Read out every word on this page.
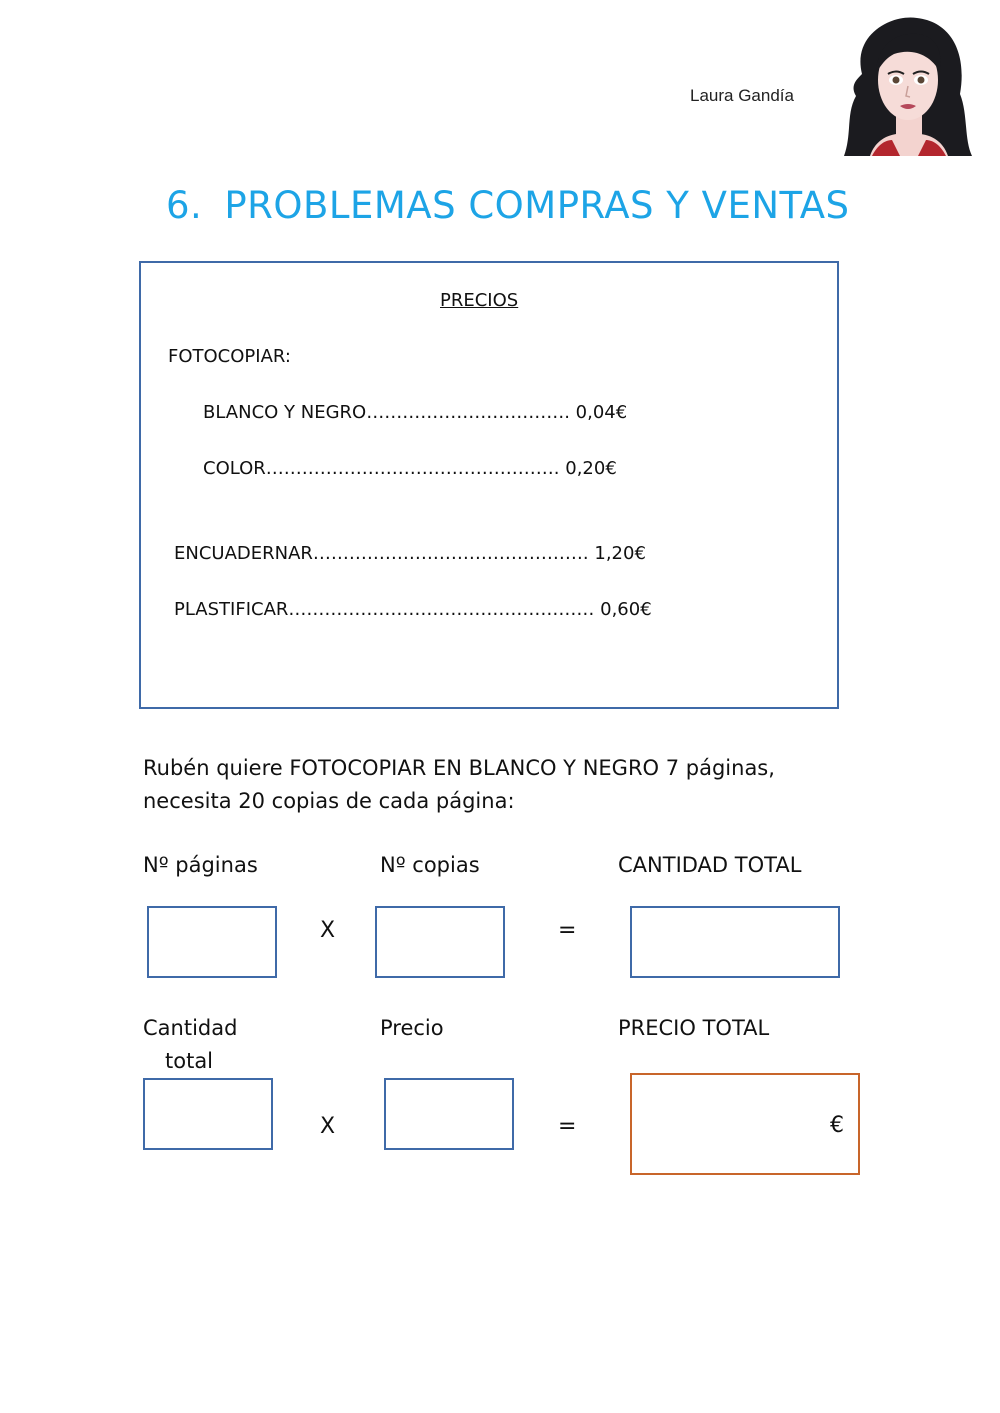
Laura Gandía
6. PROBLEMAS COMPRAS Y VENTAS
PRECIOS
FOTOCOPIAR:
BLANCO Y NEGRO……………………………. 0,04€
COLOR…………………………………………. 0,20€
ENCUADERNAR………………………………………. 1,20€
PLASTIFICAR…………………………………………… 0,60€
Rubén quiere FOTOCOPIAR EN BLANCO Y NEGRO 7 páginas,
necesita 20 copias de cada página:
Nº páginas	Nº copias	CANTIDAD TOTAL
X	=
Cantidad
total
Precio	PRECIO TOTAL
X	=	€
